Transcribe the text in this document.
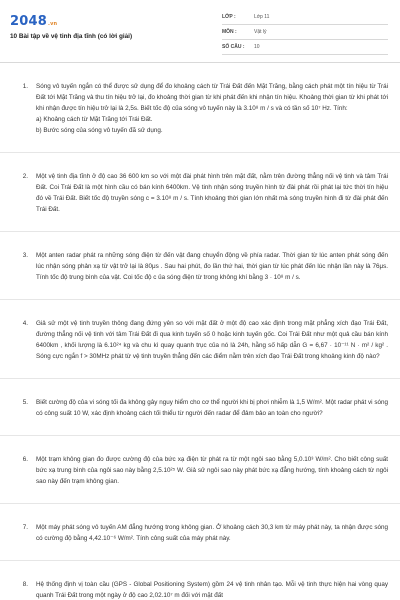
2048.vn
10 Bài tập về vệ tinh địa tĩnh (có lời giải)
LỚP :	Lớp 11
MÔN :	Vật lý
SỐ CÂU :	10
1.	Sóng vô tuyến ngắn có thể được sử dụng để đo khoảng cách từ Trái Đất đến Mặt Trăng, bằng cách phát một tín hiệu từ Trái Đất tới Mặt Trăng và thu tín hiệu trở lại, đo khoảng thời gian từ khi phát đến khi nhận tín hiệu. Khoảng thời gian từ khi phát tới khi nhận được tín hiệu trở lại là 2,5s. Biết tốc độ của sóng vô tuyến này là 3.10⁸ m / s và có tần số 10⁷ Hz. Tính:

a) Khoảng cách từ Mặt Trăng tới Trái Đất.

b) Bước sóng của sóng vô tuyến đã sử dụng.

2.	Một vệ tinh địa tĩnh ở độ cao 36 600 km so với một đài phát hình trên mặt đất, nằm trên đường thẳng nối vệ tinh và tâm Trái Đất. Coi Trái Đất là một hình cầu có bán kính 6400km. Vệ tinh nhận sóng truyền hình từ đài phát rồi phát lại tức thời tín hiệu đó về Trái Đất. Biết tốc độ truyền sóng c = 3.10⁸ m / s. Tính khoảng thời gian lớn nhất mà sóng truyền hình đi từ đài phát đến Trái Đất.

3.	Một anten radar phát ra những sóng điện từ đến vật đang chuyển động về phía radar. Thời gian từ lúc anten phát sóng đến lúc nhận sóng phản xạ từ vật trở lại là 80μs . Sau hai phút, đo lần thứ hai, thời gian từ lúc phát đến lúc nhận lần này là 76μs. Tính tốc độ trung bình của vật. Coi tốc độ c ủa sóng điện từ trong không khí bằng 3 · 10⁸ m / s.

4.	Giả sử một vệ tinh truyền thông đang đứng yên so với mặt đất ở một độ cao xác định trong mặt phẳng xích đạo Trái Đất, đường thẳng nối vệ tinh với tâm Trái Đất đi qua kinh tuyến số 0 hoặc kinh tuyến gốc. Coi Trái Đất như một quả cầu bán kính 6400km , khối lượng là 6.10²⁴ kg và chu kì quay quanh trục của nó là 24h, hằng số hấp dẫn G = 6,67 · 10⁻¹¹ N · m² / kg² . Sóng cực ngắn f > 30MHz phát từ vệ tinh truyền thẳng đến các điểm nằm trên xích đạo Trái Đất trong khoảng kinh độ nào?

5.	Biết cường độ của vi sóng tối đa không gây nguy hiểm cho cơ thể người khi bị phơi nhiễm là 1,5 W/m². Một radar phát vi sóng có công suất 10 W, xác định khoảng cách tối thiểu từ người đến radar để đảm bảo an toàn cho người?

6.	Một trạm không gian đo được cường độ của bức xạ điện từ phát ra từ một ngôi sao bằng 5,0.10³ W/m². Cho biết công suất bức xạ trung bình của ngôi sao này bằng 2,5.10²⁵ W. Giả sử ngôi sao này phát bức xạ đẳng hướng, tính khoảng cách từ ngôi sao này đến trạm không gian.

7.	Một máy phát sóng vô tuyến AM đẳng hướng trong không gian. Ở khoảng cách 30,3 km từ máy phát này, ta nhận được sóng có cường độ bằng 4,42.10⁻⁶ W/m². Tính công suất của máy phát này.

8.	Hệ thống định vị toàn cầu (GPS - Global Positioning System) gồm 24 vệ tinh nhân tạo. Mỗi vệ tinh thực hiện hai vòng quay quanh Trái Đất trong một ngày ở độ cao 2,02.10⁷ m đối với mặt đất
